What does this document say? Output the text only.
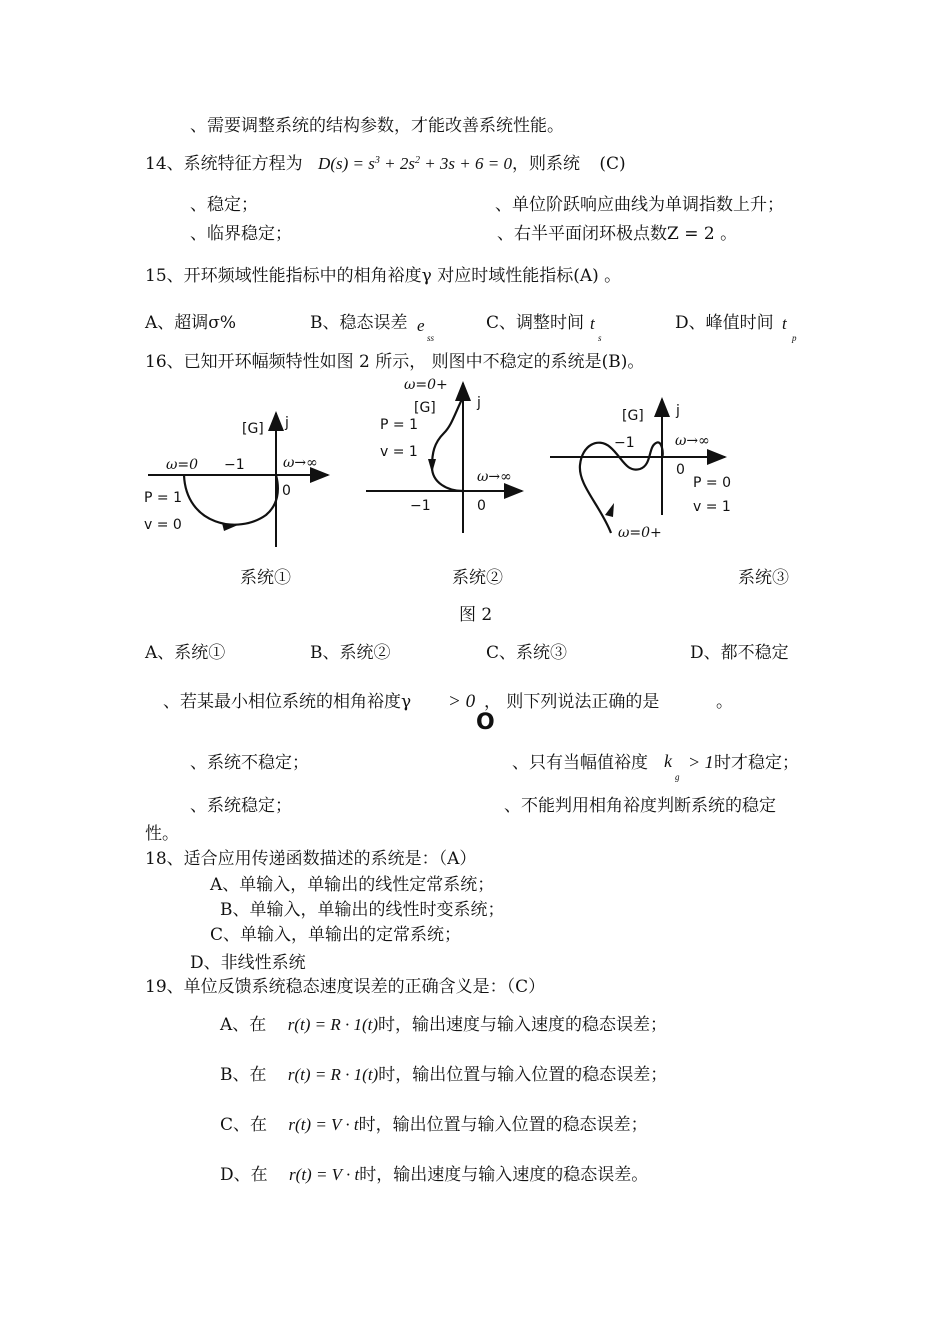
、需要调整系统的结构参数，才能改善系统性能。
14、系统特征方程为 $D(s) = s^3 + 2s^2 + 3s + 6 = 0$，则系统 (C)
、稳定；	、单位阶跃响应曲线为单调指数上升；
、临界稳定；	、右半平面闭环极点数Z = 2 。
15、开环频域性能指标中的相角裕度γ 对应时域性能指标(A) 。
A、超调σ%	B、稳态误差 e
ss
C、调整时间 t
s
D、峰值时间 t
p
16、已知开环幅频特性如图 2 所示， 则图中不稳定的系统是(B)。
[G] j
ω=0 −1	ω→∞
0
P = 1
v = 0
ω=0+
[G]	j
P = 1
v = 1
ω→∞
−1	0
[G] j
−1	ω→∞
0
P = 0
v = 1
ω=0+
系统①	系统②	系统③
图 2
A、系统①	B、系统②	C、系统③	D、都不稳定
、若某最小相位系统的相角裕度γ > 0 ， 则下列说法正确的是	。
O
、系统不稳定；	、只有当幅值裕度 k
g
> 1 时才稳定；
、系统稳定；	、不能判用相角裕度判断系统的稳定
性。
18、适合应用传递函数描述的系统是：（A）
A、单输入，单输出的线性定常系统；
B、单输入，单输出的线性时变系统；
C、单输入，单输出的定常系统；
D、非线性系统
19、单位反馈系统稳态速度误差的正确含义是：（C）
A、在 r(t) = R · 1(t)时，输出速度与输入速度的稳态误差；
B、在 r(t) = R · 1(t)时，输出位置与输入位置的稳态误差；
C、在 r(t) = V · t时，输出位置与输入位置的稳态误差；
D、在 r(t) = V · t时，输出速度与输入速度的稳态误差。
